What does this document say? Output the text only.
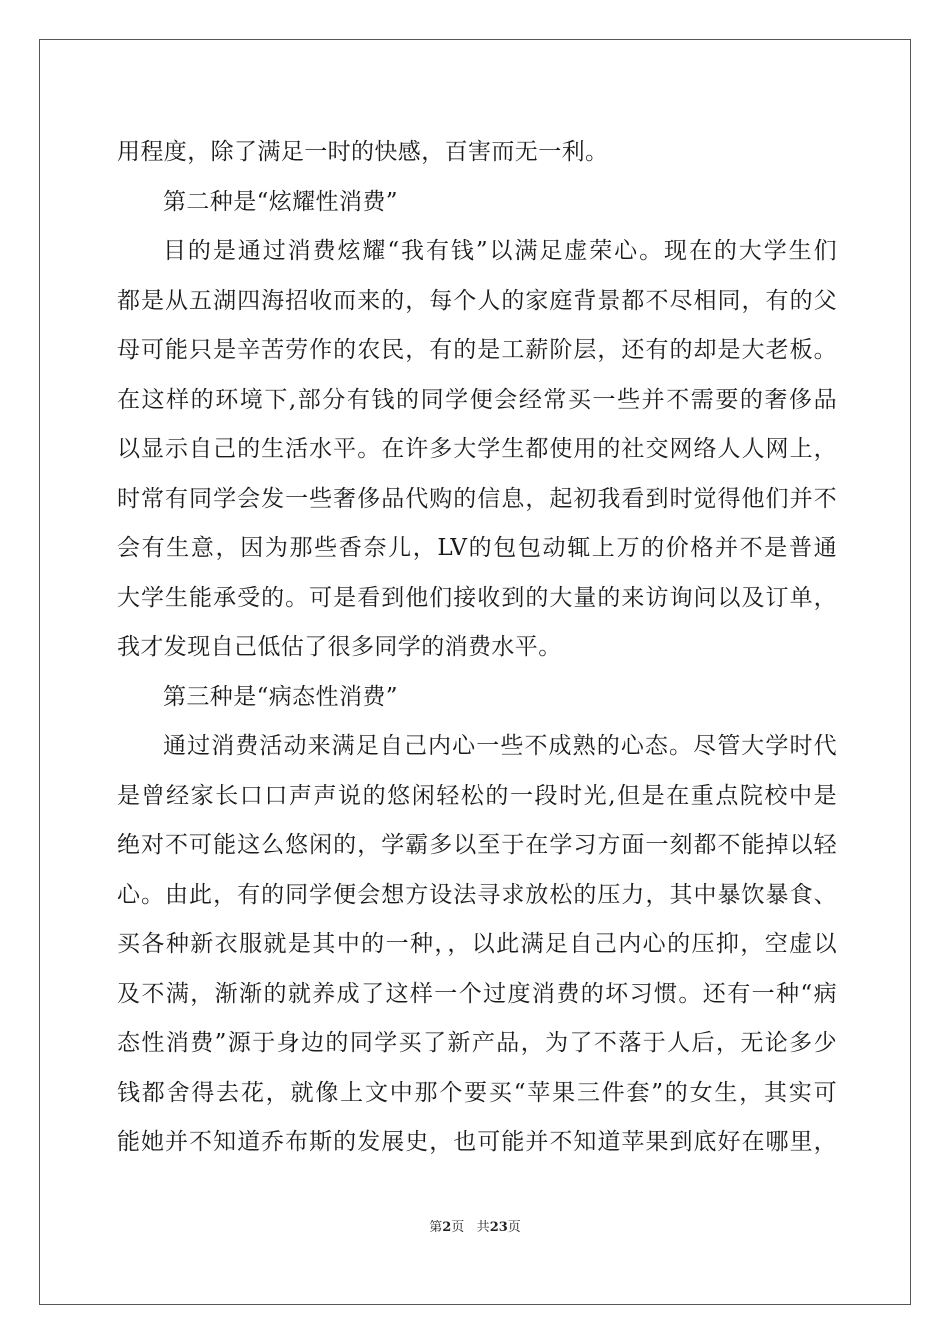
用程度，除了满足一时的快感，百害而无一利。
第二种是“炫耀性消费”
目的是通过消费炫耀“我有钱”以满足虚荣心。现在的大学生们
都是从五湖四海招收而来的，每个人的家庭背景都不尽相同，有的父
母可能只是辛苦劳作的农民，有的是工薪阶层，还有的却是大老板。
在这样的环境下,部分有钱的同学便会经常买一些并不需要的奢侈品
以显示自己的生活水平。在许多大学生都使用的社交网络人人网上，
时常有同学会发一些奢侈品代购的信息，起初我看到时觉得他们并不
会有生意，因为那些香奈儿，LV的包包动辄上万的价格并不是普通
大学生能承受的。可是看到他们接收到的大量的来访询问以及订单，
我才发现自己低估了很多同学的消费水平。
第三种是“病态性消费”
通过消费活动来满足自己内心一些不成熟的心态。尽管大学时代
是曾经家长口口声声说的悠闲轻松的一段时光,但是在重点院校中是
绝对不可能这么悠闲的，学霸多以至于在学习方面一刻都不能掉以轻
心。由此，有的同学便会想方设法寻求放松的压力，其中暴饮暴食、
买各种新衣服就是其中的一种，，以此满足自己内心的压抑，空虚以
及不满，渐渐的就养成了这样一个过度消费的坏习惯。还有一种“病
态性消费”源于身边的同学买了新产品，为了不落于人后，无论多少
钱都舍得去花，就像上文中那个要买“苹果三件套”的女生，其实可
能她并不知道乔布斯的发展史，也可能并不知道苹果到底好在哪里，
第2页 共23页
